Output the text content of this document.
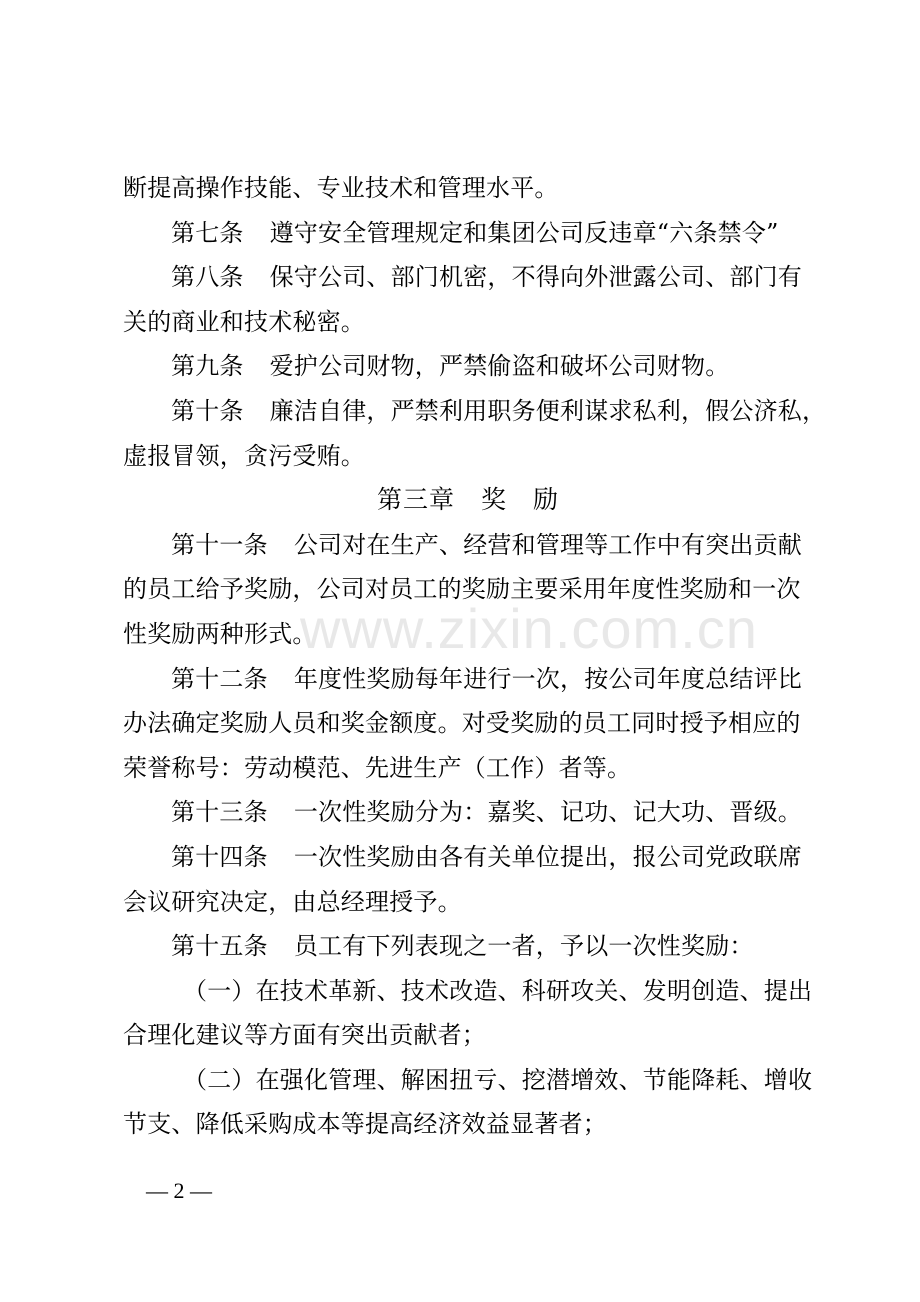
www.zixin.com.cn
断提高操作技能、专业技术和管理水平。
第七条 遵守安全管理规定和集团公司反违章“六条禁令”
第八条 保守公司、部门机密，不得向外泄露公司、部门有
关的商业和技术秘密。
第九条 爱护公司财物，严禁偷盗和破坏公司财物。
第十条 廉洁自律，严禁利用职务便利谋求私利，假公济私，
虚报冒领，贪污受贿。
第三章　奖　励
第十一条 公司对在生产、经营和管理等工作中有突出贡献
的员工给予奖励，公司对员工的奖励主要采用年度性奖励和一次
性奖励两种形式。
第十二条 年度性奖励每年进行一次，按公司年度总结评比
办法确定奖励人员和奖金额度。对受奖励的员工同时授予相应的
荣誉称号：劳动模范、先进生产（工作）者等。
第十三条 一次性奖励分为：嘉奖、记功、记大功、晋级。
第十四条 一次性奖励由各有关单位提出，报公司党政联席
会议研究决定，由总经理授予。
第十五条 员工有下列表现之一者，予以一次性奖励：
（一）在技术革新、技术改造、科研攻关、发明创造、提出
合理化建议等方面有突出贡献者；
（二）在强化管理、解困扭亏、挖潜增效、节能降耗、增收
节支、降低采购成本等提高经济效益显著者；
— 2 —
